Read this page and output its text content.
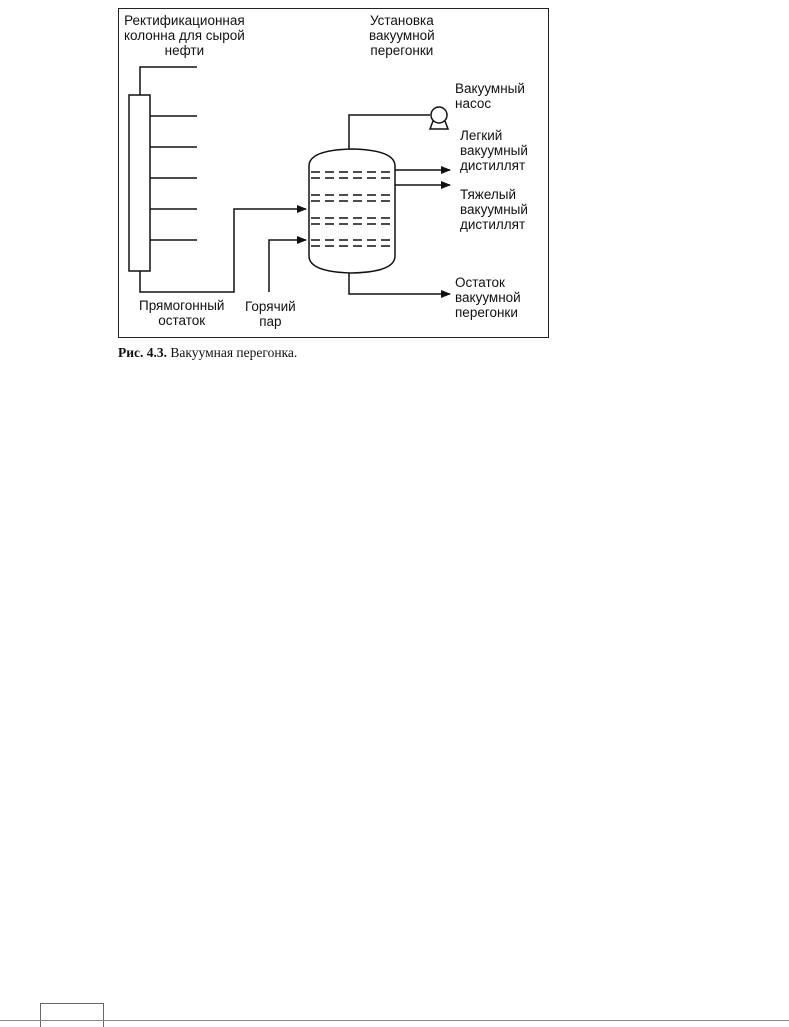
Ректификационная
колонна для сырой
нефти
Установка
вакуумной
перегонки
Вакуумный
насос
Легкий
вакуумный
дистиллят
Тяжелый
вакуумный
дистиллят
Остаток
вакуумной
перегонки
Прямогонный
остаток
Горячий
пар
Рис. 4.3. Вакуумная перегонка.
